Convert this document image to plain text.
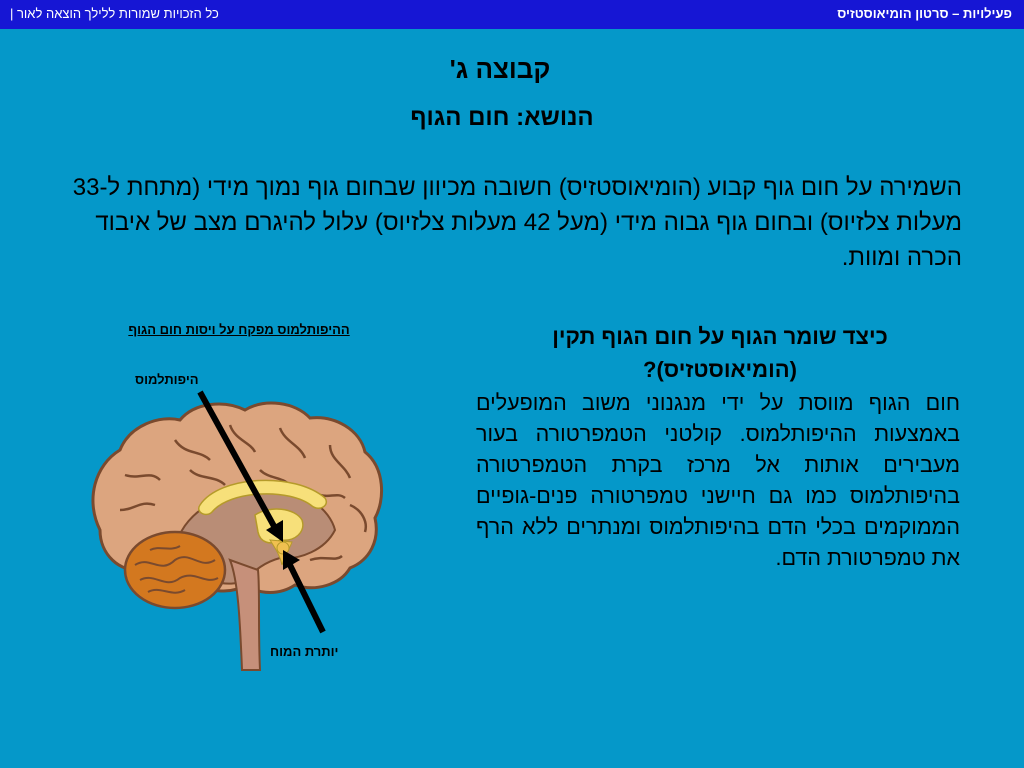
פעילויות – סרטון הומיאוסטזיס
כל הזכויות שמורות ללילך הוצאה לאור |
קבוצה ג'
הנושא: חום הגוף
השמירה על חום גוף קבוע (הומיאוסטזיס) חשובה מכיוון שבחום גוף נמוך מידי (מתחת ל-33 מעלות צלזיוס) ובחום גוף גבוה מידי (מעל 42 מעלות צלזיוס) עלול להיגרם מצב של איבוד הכרה ומוות.
כיצד שומר הגוף על חום הגוף תקין (הומיאוסטזיס)?
חום הגוף מווסת על ידי מנגנוני משוב המופעלים באמצעות ההיפותלמוס. קולטני הטמפרטורה בעור מעבירים אותות אל מרכז בקרת הטמפרטורה בהיפותלמוס כמו גם חיישני טמפרטורה פנים-גופיים הממוקמים בכלי הדם בהיפותלמוס ומנתרים ללא הרף את טמפרטורת הדם.
ההיפותלמוס מפקח על ויסות חום הגוף
היפותלמוס
יותרת המוח
